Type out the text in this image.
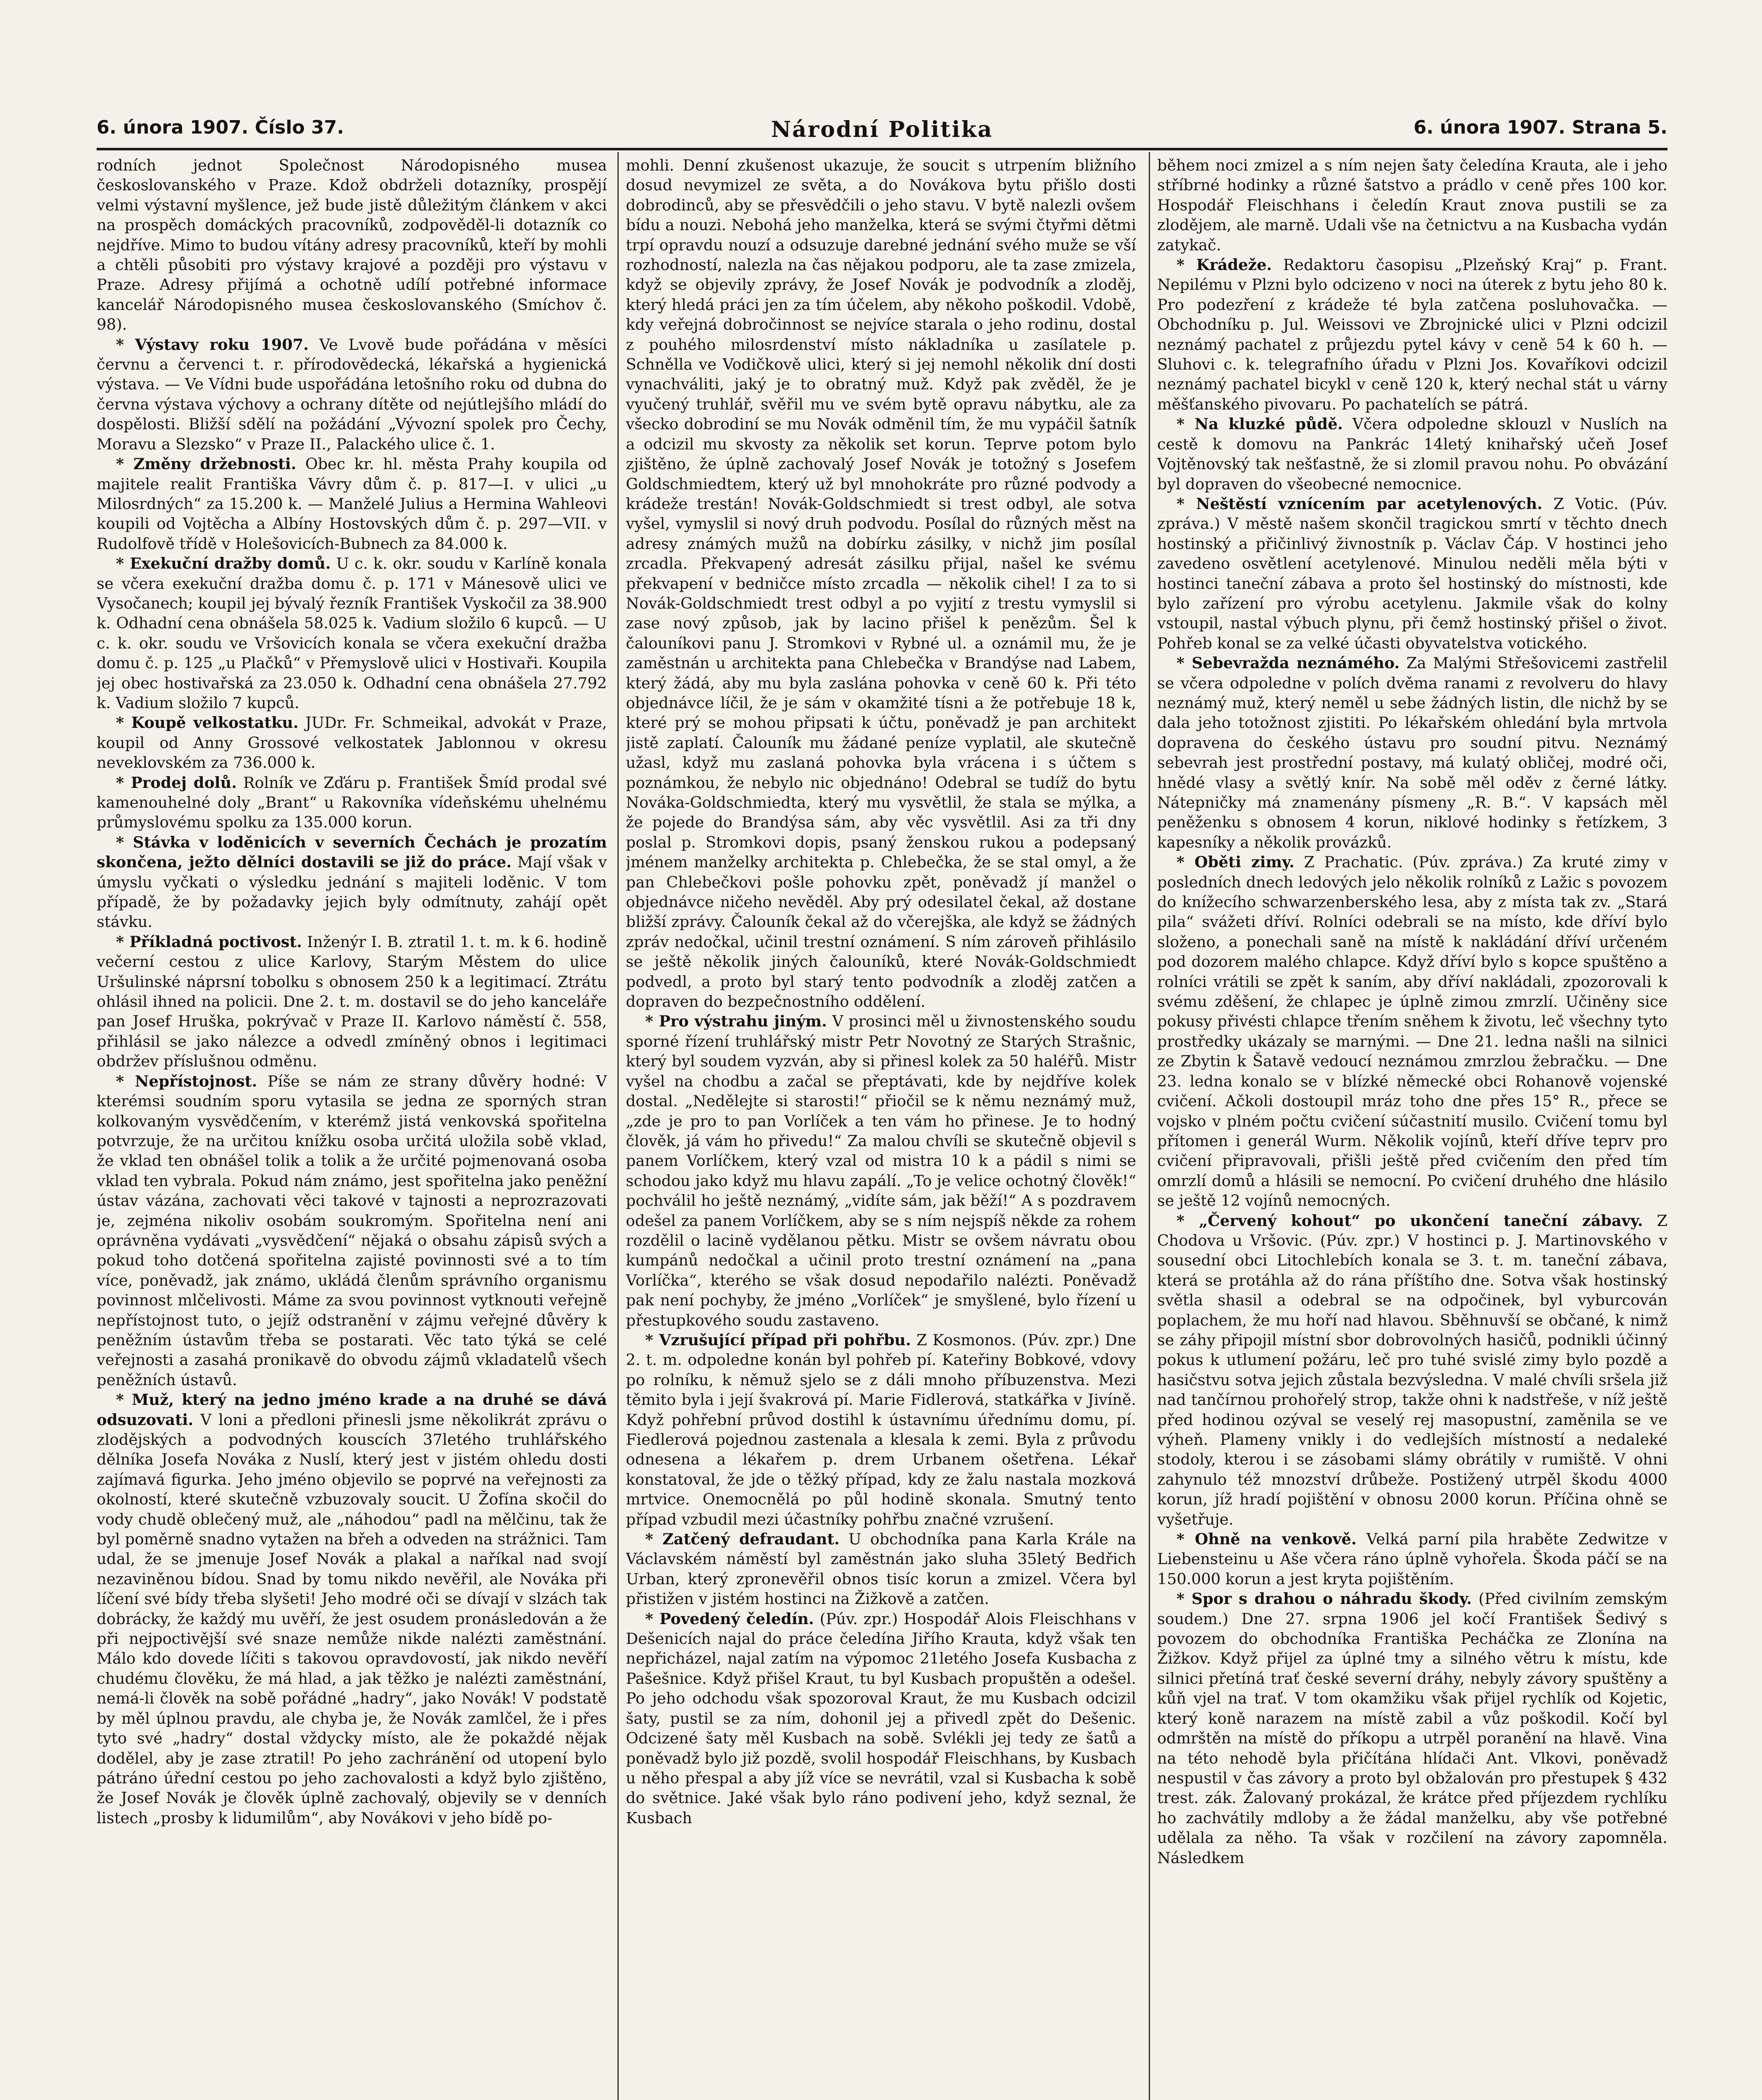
6. února 1907. Číslo 37.	Národní Politika	6. února 1907. Strana 5.

rodních jednot Společnost Národopisného musea českoslovanského v Praze. Kdož obdrželi dotazníky, prospějí velmi výstavní myšlence, jež bude jistě důležitým článkem v akci na prospěch domáckých pracovníků, zodpověděl-li dotazník co nejdříve. Mimo to budou vítány adresy pracovníků, kteří by mohli a chtěli působiti pro výstavy krajové a později pro výstavu v Praze. Adresy přijímá a ochotně udílí potřebné informace kancelář Národopisného musea českoslovanského (Smíchov č. 98).

* Výstavy roku 1907. Ve Lvově bude pořádána v měsíci červnu a červenci t. r. přírodovědecká, lékařská a hygienická výstava. — Ve Vídni bude uspořádána letošního roku od dubna do června výstava výchovy a ochrany dítěte od nejútlejšího mládí do dospělosti. Bližší sdělí na požádání „Vývozní spolek pro Čechy, Moravu a Slezsko“ v Praze II., Palackého ulice č. 1.

* Změny držebnosti. Obec kr. hl. města Prahy koupila od majitele realit Františka Vávry dům č. p. 817—I. v ulici „u Milosrdných“ za 15.200 k. — Manželé Julius a Hermina Wahleovi koupili od Vojtěcha a Albíny Hostovských dům č. p. 297—VII. v Rudolfově třídě v Holešovicích-Bubnech za 84.000 k.

* Exekuční dražby domů. U c. k. okr. soudu v Karlíně konala se včera exekuční dražba domu č. p. 171 v Mánesově ulici ve Vysočanech; koupil jej bývalý řezník František Vyskočil za 38.900 k. Odhadní cena obnášela 58.025 k. Vadium složilo 6 kupců. — U c. k. okr. soudu ve Vršovicích konala se včera exekuční dražba domu č. p. 125 „u Plačků“ v Přemyslově ulici v Hostivaři. Koupila jej obec hostivařská za 23.050 k. Odhadní cena obnášela 27.792 k. Vadium složilo 7 kupců.

* Koupě velkostatku. JUDr. Fr. Schmeikal, advokát v Praze, koupil od Anny Grossové velkostatek Jablonnou v okresu neveklovském za 736.000 k.

* Prodej dolů. Rolník ve Zďáru p. František Šmíd prodal své kamenouhelné doly „Brant“ u Rakovníka vídeňskému uhelnému průmyslovému spolku za 135.000 korun.

* Stávka v loděnicích v severních Čechách je prozatím skončena, ježto dělníci dostavili se již do práce. Mají však v úmyslu vyčkati o výsledku jednání s majiteli loděnic. V tom případě, že by požadavky jejich byly odmítnuty, zahájí opět stávku.

* Příkladná poctivost. Inženýr I. B. ztratil 1. t. m. k 6. hodině večerní cestou z ulice Karlovy, Starým Městem do ulice Uršulinské náprsní tobolku s obnosem 250 k a legitimací. Ztrátu ohlásil ihned na policii. Dne 2. t. m. dostavil se do jeho kanceláře pan Josef Hruška, pokrývač v Praze II. Karlovo náměstí č. 558, přihlásil se jako nálezce a odvedl zmíněný obnos i legitimaci obdržev příslušnou odměnu.

* Nepřístojnost. Píše se nám ze strany důvěry hodné: V kterémsi soudním sporu vytasila se jedna ze sporných stran kolkovaným vysvědčením, v kterémž jistá venkovská spořitelna potvrzuje, že na určitou knížku osoba určitá uložila sobě vklad, že vklad ten obnášel tolik a tolik a že určité pojmenovaná osoba vklad ten vybrala. Pokud nám známo, jest spořitelna jako peněžní ústav vázána, zachovati věci takové v tajnosti a neprozrazovati je, zejména nikoliv osobám soukromým. Spořitelna není ani oprávněna vydávati „vysvědčení“ nějaká o obsahu zápisů svých a pokud toho dotčená spořitelna zajisté povinnosti své a to tím více, poněvadž, jak známo, ukládá členům správního organismu povinnost mlčelivosti. Máme za svou povinnost vytknouti veřejně nepřístojnost tuto, o jejíž odstranění v zájmu veřejné důvěry k peněžním ústavům třeba se postarati. Věc tato týká se celé veřejnosti a zasahá pronikavě do obvodu zájmů vkladatelů všech peněžních ústavů.

* Muž, který na jedno jméno krade a na druhé se dává odsuzovati. V loni a předloni přinesli jsme několikrát zprávu o zlodějských a podvodných kouscích 37letého truhlářského dělníka Josefa Nováka z Nuslí, který jest v jistém ohledu dosti zajímavá figurka. Jeho jméno objevilo se poprvé na veřejnosti za okolností, které skutečně vzbuzovaly soucit. U Žofína skočil do vody chudě oblečený muž, ale „náhodou“ padl na mělčinu, tak že byl poměrně snadno vytažen na břeh a odveden na strážnici. Tam udal, že se jmenuje Josef Novák a plakal a naříkal nad svojí nezaviněnou bídou. Snad by tomu nikdo nevěřil, ale Nováka při líčení své bídy třeba slyšeti! Jeho modré oči se dívají v slzách tak dobrácky, že každý mu uvěří, že jest osudem pronásledován a že při nejpoctivější své snaze nemůže nikde nalézti zaměstnání. Málo kdo dovede líčiti s takovou opravdovostí, jak nikdo nevěří chudému člověku, že má hlad, a jak těžko je nalézti zaměstnání, nemá-li člověk na sobě pořádné „hadry“, jako Novák! V podstatě by měl úplnou pravdu, ale chyba je, že Novák zamlčel, že i přes tyto své „hadry“ dostal vždycky místo, ale že pokaždé nějak dodělel, aby je zase ztratil! Po jeho zachránění od utopení bylo pátráno úřední cestou po jeho zachovalosti a když bylo zjištěno, že Josef Novák je člověk úplně zachovalý, objevily se v denních listech „prosby k lidumilům“, aby Novákovi v jeho bídě po-

mohli. Denní zkušenost ukazuje, že soucit s utrpením bližního dosud nevymizel ze světa, a do Novákova bytu přišlo dosti dobrodinců, aby se přesvědčili o jeho stavu. V bytě nalezli ovšem bídu a nouzi. Nebohá jeho manželka, která se svými čtyřmi dětmi trpí opravdu nouzí a odsuzuje darebné jednání svého muže se vší rozhodností, nalezla na čas nějakou podporu, ale ta zase zmizela, když se objevily zprávy, že Josef Novák je podvodník a zloděj, který hledá práci jen za tím účelem, aby někoho poškodil. Vdobě, kdy veřejná dobročinnost se nejvíce starala o jeho rodinu, dostal z pouhého milosrdenství místo nákladníka u zasílatele p. Schnělla ve Vodičkově ulici, který si jej nemohl několik dní dosti vynachváliti, jaký je to obratný muž. Když pak zvěděl, že je vyučený truhlář, svěřil mu ve svém bytě opravu nábytku, ale za všecko dobrodiní se mu Novák odměnil tím, že mu vypáčil šatník a odcizil mu skvosty za několik set korun. Teprve potom bylo zjištěno, že úplně zachovalý Josef Novák je totožný s Josefem Goldschmiedtem, který už byl mnohokráte pro různé podvody a krádeže trestán! Novák-Goldschmiedt si trest odbyl, ale sotva vyšel, vymyslil si nový druh podvodu. Posílal do různých měst na adresy známých mužů na dobírku zásilky, v nichž jim posílal zrcadla. Překvapený adresát zásilku přijal, našel ke svému překvapení v bedničce místo zrcadla — několik cihel! I za to si Novák-Goldschmiedt trest odbyl a po vyjití z trestu vymyslil si zase nový způsob, jak by lacino přišel k penězům. Šel k čalouníkovi panu J. Stromkovi v Rybné ul. a oznámil mu, že je zaměstnán u architekta pana Chlebečka v Brandýse nad Labem, který žádá, aby mu byla zaslána pohovka v ceně 60 k. Při této objednávce líčil, že je sám v okamžité tísni a že potřebuje 18 k, které prý se mohou připsati k účtu, poněvadž je pan architekt jistě zaplatí. Čalouník mu žádané peníze vyplatil, ale skutečně užasl, když mu zaslaná pohovka byla vrácena i s účtem s poznámkou, že nebylo nic objednáno! Odebral se tudíž do bytu Nováka-Goldschmiedta, který mu vysvětlil, že stala se mýlka, a že pojede do Brandýsa sám, aby věc vysvětlil. Asi za tři dny poslal p. Stromkovi dopis, psaný ženskou rukou a podepsaný jménem manželky architekta p. Chlebečka, že se stal omyl, a že pan Chlebečkovi pošle pohovku zpět, poněvadž jí manžel o objednávce ničeho nevěděl. Aby prý odesilatel čekal, až dostane bližší zprávy. Čalouník čekal až do včerejška, ale když se žádných zpráv nedočkal, učinil trestní oznámení. S ním zároveň přihlásilo se ještě několik jiných čalouníků, které Novák-Goldschmiedt podvedl, a proto byl starý tento podvodník a zloděj zatčen a dopraven do bezpečnostního oddělení.

* Pro výstrahu jiným. V prosinci měl u živnostenského soudu sporné řízení truhlářský mistr Petr Novotný ze Starých Strašnic, který byl soudem vyzván, aby si přinesl kolek za 50 haléřů. Mistr vyšel na chodbu a začal se přeptávati, kde by nejdříve kolek dostal. „Nedělejte si starosti!“ přiočil se k němu neznámý muž, „zde je pro to pan Vorlíček a ten vám ho přinese. Je to hodný člověk, já vám ho přivedu!“ Za malou chvíli se skutečně objevil s panem Vorlíčkem, který vzal od mistra 10 k a pádil s nimi se schodou jako když mu hlavu zapálí. „To je velice ochotný člověk!“ pochválil ho ještě neznámý, „vidíte sám, jak běží!“ A s pozdravem odešel za panem Vorlíčkem, aby se s ním nejspíš někde za rohem rozdělil o lacině vydělanou pětku. Mistr se ovšem návratu obou kumpánů nedočkal a učinil proto trestní oznámení na „pana Vorlíčka“, kterého se však dosud nepodařilo nalézti. Poněvadž pak není pochyby, že jméno „Vorlíček“ je smyšlené, bylo řízení u přestupkového soudu zastaveno.

* Vzrušující případ při pohřbu. Z Kosmonos. (Púv. zpr.) Dne 2. t. m. odpoledne konán byl pohřeb pí. Kateřiny Bobkové, vdovy po rolníku, k němuž sjelo se z dáli mnoho příbuzenstva. Mezi těmito byla i její švakrová pí. Marie Fidlerová, statkářka v Jivíně. Když pohřební průvod dostihl k ústavnímu úřednímu domu, pí. Fiedlerová pojednou zastenala a klesala k zemi. Byla z průvodu odnesena a lékařem p. drem Urbanem ošetřena. Lékař konstatoval, že jde o těžký případ, kdy ze žalu nastala mozková mrtvice. Onemocnělá po půl hodině skonala. Smutný tento případ vzbudil mezi účastníky pohřbu značné vzrušení.

* Zatčený defraudant. U obchodníka pana Karla Krále na Václavském náměstí byl zaměstnán jako sluha 35letý Bedřich Urban, který zpronevěřil obnos tisíc korun a zmizel. Včera byl přistižen v jistém hostinci na Žižkově a zatčen.

* Povedený čeledín. (Púv. zpr.) Hospodář Alois Fleischhans v Dešenicích najal do práce čeledína Jiřího Krauta, když však ten nepřicházel, najal zatím na výpomoc 21letého Josefa Kusbacha z Pašešnice. Když přišel Kraut, tu byl Kusbach propuštěn a odešel. Po jeho odchodu však spozoroval Kraut, že mu Kusbach odcizil šaty, pustil se za ním, dohonil jej a přivedl zpět do Dešenic. Odcizené šaty měl Kusbach na sobě. Svlékli jej tedy ze šatů a poněvadž bylo již pozdě, svolil hospodář Fleischhans, by Kusbach u něho přespal a aby jíž více se nevrátil, vzal si Kusbacha k sobě do světnice. Jaké však bylo ráno podivení jeho, když seznal, že Kusbach

během noci zmizel a s ním nejen šaty čeledína Krauta, ale i jeho stříbrné hodinky a různé šatstvo a prádlo v ceně přes 100 kor. Hospodář Fleischhans i čeledín Kraut znova pustili se za zlodějem, ale marně. Udali vše na četnictvu a na Kusbacha vydán zatykač.

* Krádeže. Redaktoru časopisu „Plzeňský Kraj“ p. Frant. Nepilému v Plzni bylo odcizeno v noci na úterek z bytu jeho 80 k. Pro podezření z krádeže té byla zatčena posluhovačka. — Obchodníku p. Jul. Weissovi ve Zbrojnické ulici v Plzni odcizil neznámý pachatel z průjezdu pytel kávy v ceně 54 k 60 h. — Sluhovi c. k. telegrafního úřadu v Plzni Jos. Kovaříkovi odcizil neznámý pachatel bicykl v ceně 120 k, který nechal stát u várny měšťanského pivovaru. Po pachatelích se pátrá.

* Na kluzké půdě. Včera odpoledne sklouzl v Nuslích na cestě k domovu na Pankrác 14letý knihařský učeň Josef Vojtěnovský tak nešťastně, že si zlomil pravou nohu. Po obvázání byl dopraven do všeobecné nemocnice.

* Neštěstí vznícením par acetylenových. Z Votic. (Púv. zpráva.) V městě našem skončil tragickou smrtí v těchto dnech hostinský a přičinlivý živnostník p. Václav Čáp. V hostinci jeho zavedeno osvětlení acetylenové. Minulou neděli měla býti v hostinci taneční zábava a proto šel hostinský do místnosti, kde bylo zařízení pro výrobu acetylenu. Jakmile však do kolny vstoupil, nastal výbuch plynu, při čemž hostinský přišel o život. Pohřeb konal se za velké účasti obyvatelstva votického.

* Sebevražda neznámého. Za Malými Střešovicemi zastřelil se včera odpoledne v polích dvěma ranami z revolveru do hlavy neznámý muž, který neměl u sebe žádných listin, dle nichž by se dala jeho totožnost zjistiti. Po lékařském ohledání byla mrtvola dopravena do českého ústavu pro soudní pitvu. Neznámý sebevrah jest prostřední postavy, má kulatý obličej, modré oči, hnědé vlasy a světlý knír. Na sobě měl oděv z černé látky. Nátepničky má znamenány písmeny „R. B.“. V kapsách měl peněženku s obnosem 4 korun, niklové hodinky s řetízkem, 3 kapesníky a několik provázků.

* Oběti zimy. Z Prachatic. (Púv. zpráva.) Za kruté zimy v posledních dnech ledových jelo několik rolníků z Lažic s povozem do knížecího schwarzenberského lesa, aby z místa tak zv. „Stará pila“ svážeti dříví. Rolníci odebrali se na místo, kde dříví bylo složeno, a ponechali saně na místě k nakládání dříví určeném pod dozorem malého chlapce. Když dříví bylo s kopce spuštěno a rolníci vrátili se zpět k saním, aby dříví nakládali, zpozorovali k svému zděšení, že chlapec je úplně zimou zmrzlí. Učiněny sice pokusy přivésti chlapce třením sněhem k životu, leč všechny tyto prostředky ukázaly se marnými. — Dne 21. ledna našli na silnici ze Zbytin k Šatavě vedoucí neznámou zmrzlou žebračku. — Dne 23. ledna konalo se v blízké německé obci Rohanově vojenské cvičení. Ačkoli dostoupil mráz toho dne přes 15° R., přece se vojsko v plném počtu cvičení súčastnití musilo. Cvičení tomu byl přítomen i generál Wurm. Několik vojínů, kteří dříve teprv pro cvičení připravovali, přišli ještě před cvičením den před tím omrzlí domů a hlásili se nemocní. Po cvičení druhého dne hlásilo se ještě 12 vojínů nemocných.

* „Červený kohout“ po ukončení taneční zábavy. Z Chodova u Vršovic. (Púv. zpr.) V hostinci p. J. Martinovského v sousední obci Litochlebích konala se 3. t. m. taneční zábava, která se protáhla až do rána příštího dne. Sotva však hostinský světla shasil a odebral se na odpočinek, byl vyburcován poplachem, že mu hoří nad hlavou. Sběhnuvší se občané, k nimž se záhy připojil místní sbor dobrovolných hasičů, podnikli účinný pokus k utlumení požáru, leč pro tuhé svislé zimy bylo pozdě a hasičstvu sotva jejich zůstala bezvýsledna. V malé chvíli sršela již nad tančírnou prohořelý strop, takže ohni k nadstřeše, v níž ještě před hodinou ozýval se veselý rej masopustní, zaměnila se ve výheň. Plameny vnikly i do vedlejších místností a nedaleké stodoly, kterou i se zásobami slámy obrátily v rumiště. V ohni zahynulo též mnozství drůbeže. Postižený utrpěl škodu 4000 korun, jíž hradí pojištění v obnosu 2000 korun. Příčina ohně se vyšetřuje.

* Ohně na venkově. Velká parní pila hraběte Zedwitze v Liebensteinu u Aše včera ráno úplně vyhořela. Škoda páčí se na 150.000 korun a jest kryta pojištěním.

* Spor s drahou o náhradu škody. (Před civilním zemským soudem.) Dne 27. srpna 1906 jel kočí František Šedivý s povozem do obchodníka Františka Pecháčka ze Zlonína na Žižkov. Když přijel za úplné tmy a silného větru k místu, kde silnici přetíná trať české severní dráhy, nebyly závory spuštěny a kůň vjel na trať. V tom okamžiku však přijel rychlík od Kojetic, který koně narazem na místě zabil a vůz poškodil. Kočí byl odmrštěn na místě do příkopu a utrpěl poranění na hlavě. Vina na této nehodě byla přičítána hlídači Ant. Vlkovi, poněvadž nespustil v čas závory a proto byl obžalován pro přestupek § 432 trest. zák. Žalovaný prokázal, že krátce před příjezdem rychlíku ho zachvátily mdloby a že žádal manželku, aby vše potřebné udělala za něho. Ta však v rozčilení na závory zapomněla. Následkem
